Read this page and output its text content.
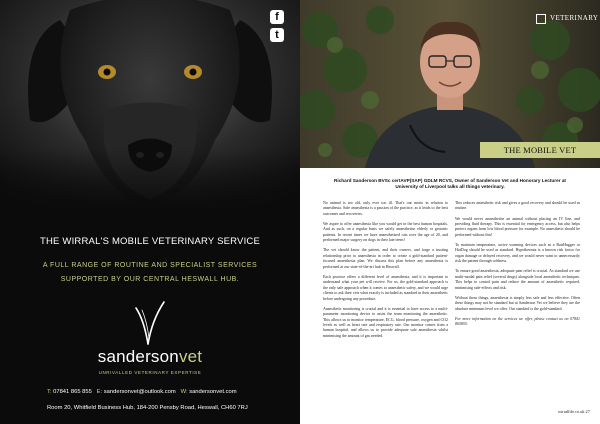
f
t
THE WIRRAL'S MOBILE VETERINARY SERVICE
A FULL RANGE OF ROUTINE AND SPECIALIST SERVICES
SUPPORTED BY OUR CENTRAL HESWALL HUB.
sandersonvet
UNRIVALLED VETERINARY EXPERTISE
T: 07841 865 855 E: sandersonvet@outlook.com W: sandersonvet.com
Room 20, Whitfield Business Hub, 184-200 Pensby Road, Heswall, CH60 7RJ
VETERINARY
THE MOBILE VET
Richard Sanderson BVSc certAVP(SAP) GDLM RCVS, Owner of Sanderson Vet and Honorary Lecturer at University of Liverpool talks all things veterinary.

No animal is too old, only ever too ill. That's our motto in relation to anaesthesia. Safe anaesthesia is a passion of the practice, as it leads to the best outcomes and recoveries.

We aspire to offer anaesthesia like you would get in the best human hospitals. And as such, on a regular basis we safely anaesthetise elderly or geriatric patients. In recent times we have anaesthetised cats over the age of 20, and performed major surgery on dogs in their late teens!

The vet should know the patient, and their owners, and forge a trusting relationship prior to anaesthesia in order to create a gold-standard patient-focused anaesthesia plan. We discuss this plan before any anaesthesia is performed at our state-of-the-art hub in Heswall.

Each practice offers a different level of anaesthesia, and it is important to understand what your pet will receive. For us, the gold-standard approach is the only safe approach when it comes to anaesthetic safety, and we would urge clients to ask their vets what exactly is included as standard in their anaesthetic before undergoing any procedure.

Anaesthetic monitoring is crucial and it is essential to have access to a multi-parameter monitoring device to assist the team monitoring the anaesthetic. This allows us to monitor temperature, ECG, blood pressure, oxygen and CO2 levels as well as heart rate and respiratory rate. Our monitor comes from a human hospital, and allows us to provide adequate safe anaesthesia whilst minimising the amount of gas needed.

This reduces anaesthetic risk and gives a good recovery and should be used as routine.

We would never anaesthetise an animal without placing an IV line, and providing fluid therapy. This is essential for emergency access, but also helps protect organs from low blood pressure for example. No anaesthetic should be performed without this!

To maintain temperature, active warming devices such as a BairHugger or HotDog should be used as standard. Hypothermia is a known risk factor for organ damage or delayed recovery, and we would never want to unnecessarily risk the patient through coldness.

To ensure good anaesthesia, adequate pain relief is crucial. As standard we use multi-modal pain relief (several drugs) alongside local anaesthetic techniques. This helps to control pain and reduce the amount of anaesthetic required, minimising side-effects and risk.

Without these things, anaesthesia is simply less safe and less effective. Often these things may not be standard but at Sanderson Vet we believe they are the absolute minimum level we offer. Our standard is the gold-standard.

For more information on the services we offer, please contact us on 07841 865855.

wirrallife.co.uk 27
